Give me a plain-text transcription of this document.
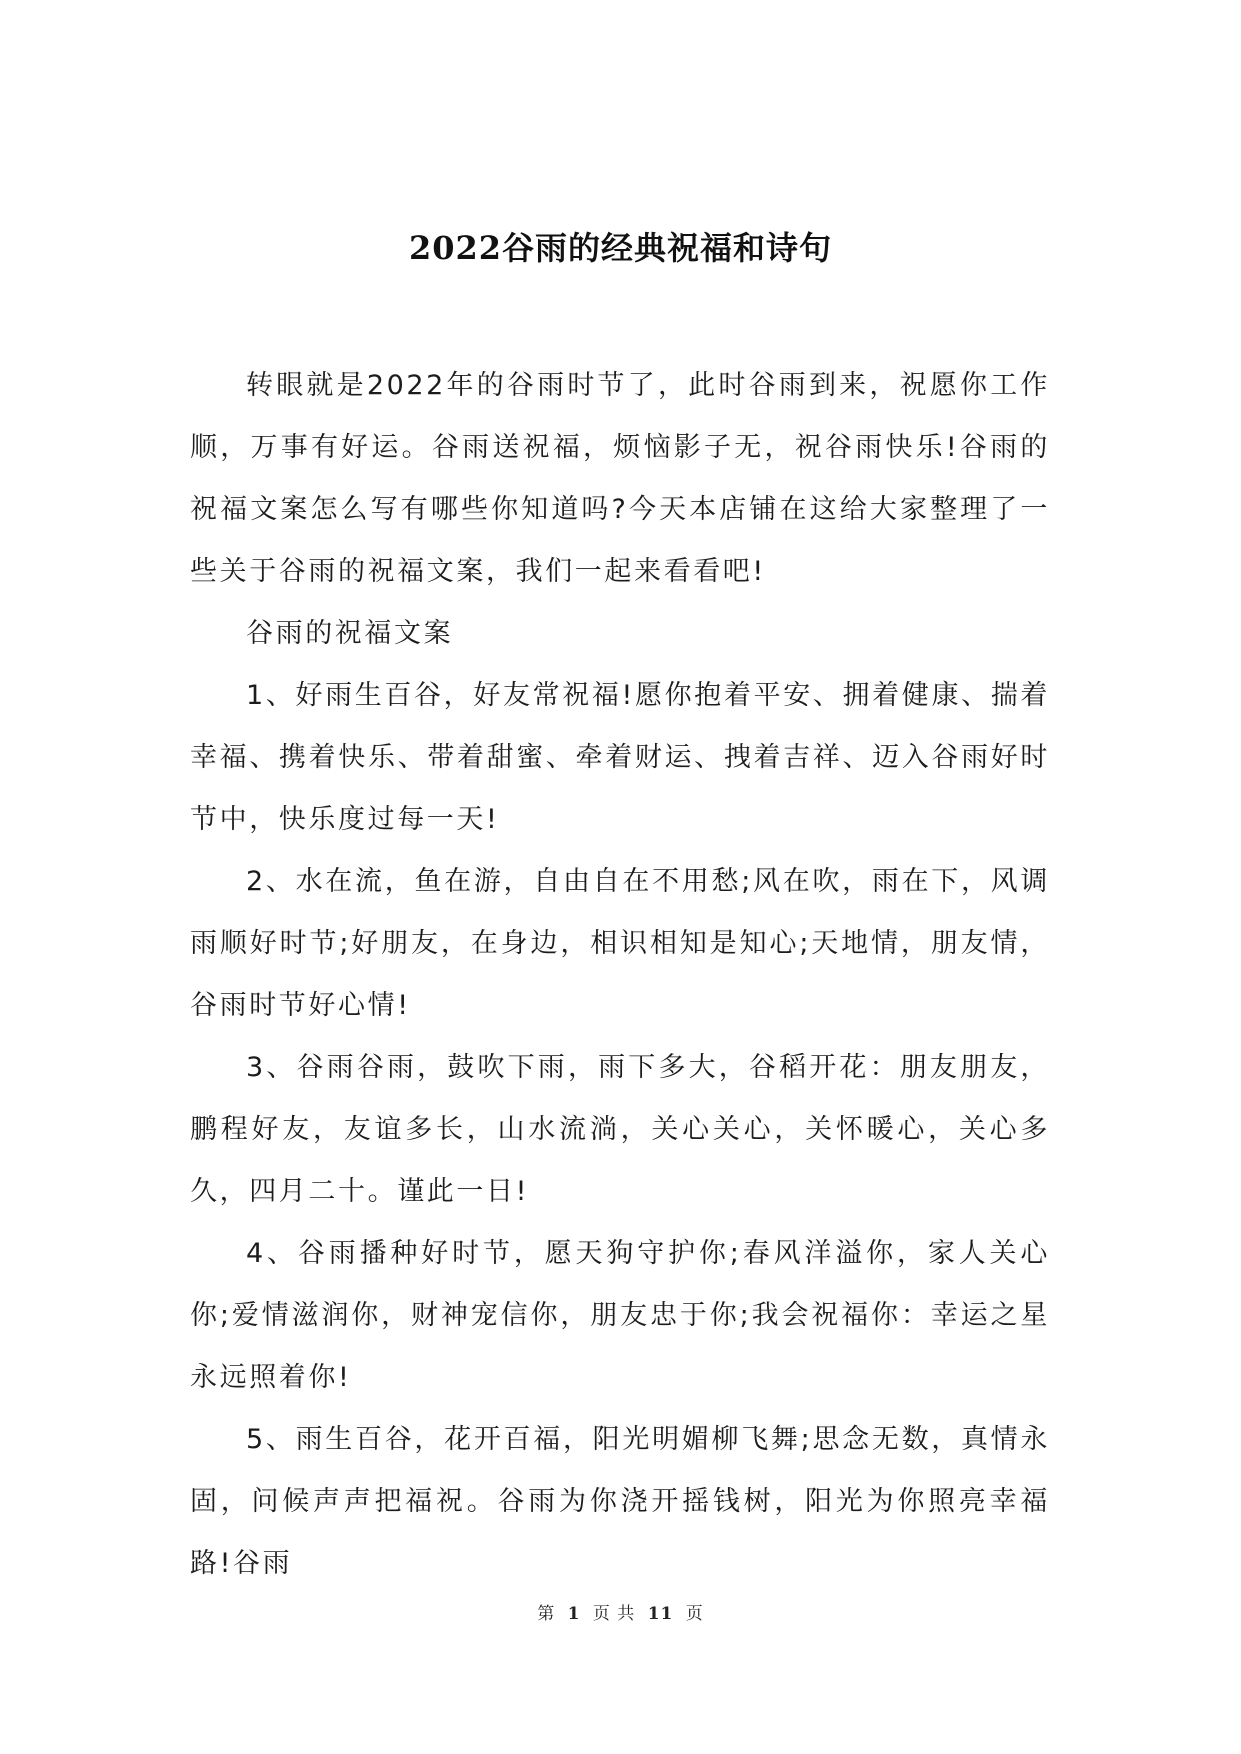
2022谷雨的经典祝福和诗句

转眼就是2022年的谷雨时节了，此时谷雨到来，祝愿你工作顺，万事有好运。谷雨送祝福，烦恼影子无，祝谷雨快乐!谷雨的祝福文案怎么写有哪些你知道吗?今天本店铺在这给大家整理了一些关于谷雨的祝福文案，我们一起来看看吧!

谷雨的祝福文案

1、好雨生百谷，好友常祝福!愿你抱着平安、拥着健康、揣着幸福、携着快乐、带着甜蜜、牵着财运、拽着吉祥、迈入谷雨好时节中，快乐度过每一天!

2、水在流，鱼在游，自由自在不用愁;风在吹，雨在下，风调雨顺好时节;好朋友，在身边，相识相知是知心;天地情，朋友情，谷雨时节好心情!

3、谷雨谷雨，鼓吹下雨，雨下多大，谷稻开花：朋友朋友，鹏程好友，友谊多长，山水流淌，关心关心，关怀暖心，关心多久，四月二十。谨此一日!

4、谷雨播种好时节，愿天狗守护你;春风洋溢你，家人关心你;爱情滋润你，财神宠信你，朋友忠于你;我会祝福你：幸运之星永远照着你!

5、雨生百谷，花开百福，阳光明媚柳飞舞;思念无数，真情永固，问候声声把福祝。谷雨为你浇开摇钱树，阳光为你照亮幸福路!谷雨

第 1 页 共 11 页
